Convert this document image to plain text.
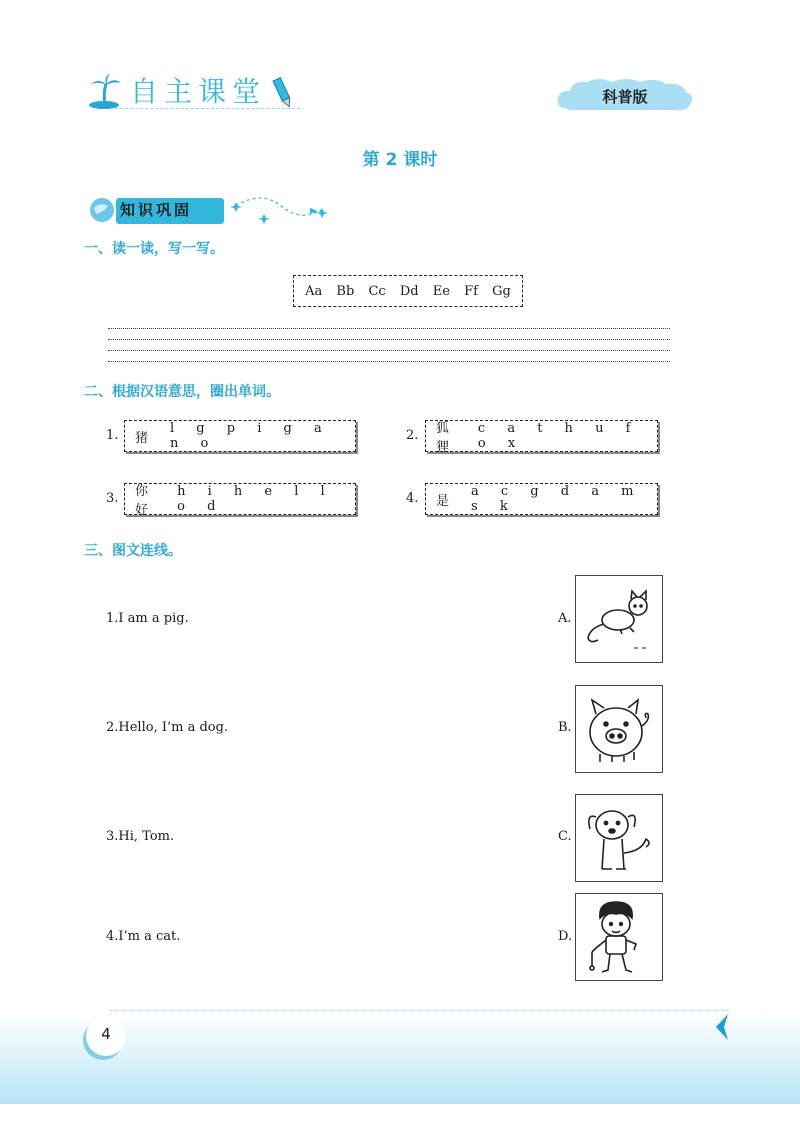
自主课堂	科普版
第 2 课时
知识巩固
一、读一读，写一写。
Aa Bb Cc Dd Ee Ff Gg
二、根据汉语意思，圈出单词。
1. 猪
l g p i g a n o
2. 狐狸
c a t h u f o x
3. 你好
h i h e l l o d
4. 是
a c g d a m s k
三、图文连线。
1.I am a pig.
2.Hello, I’m a dog.
3.Hi, Tom.
4.I’m a cat.
A.
B.
C.
D.
4
